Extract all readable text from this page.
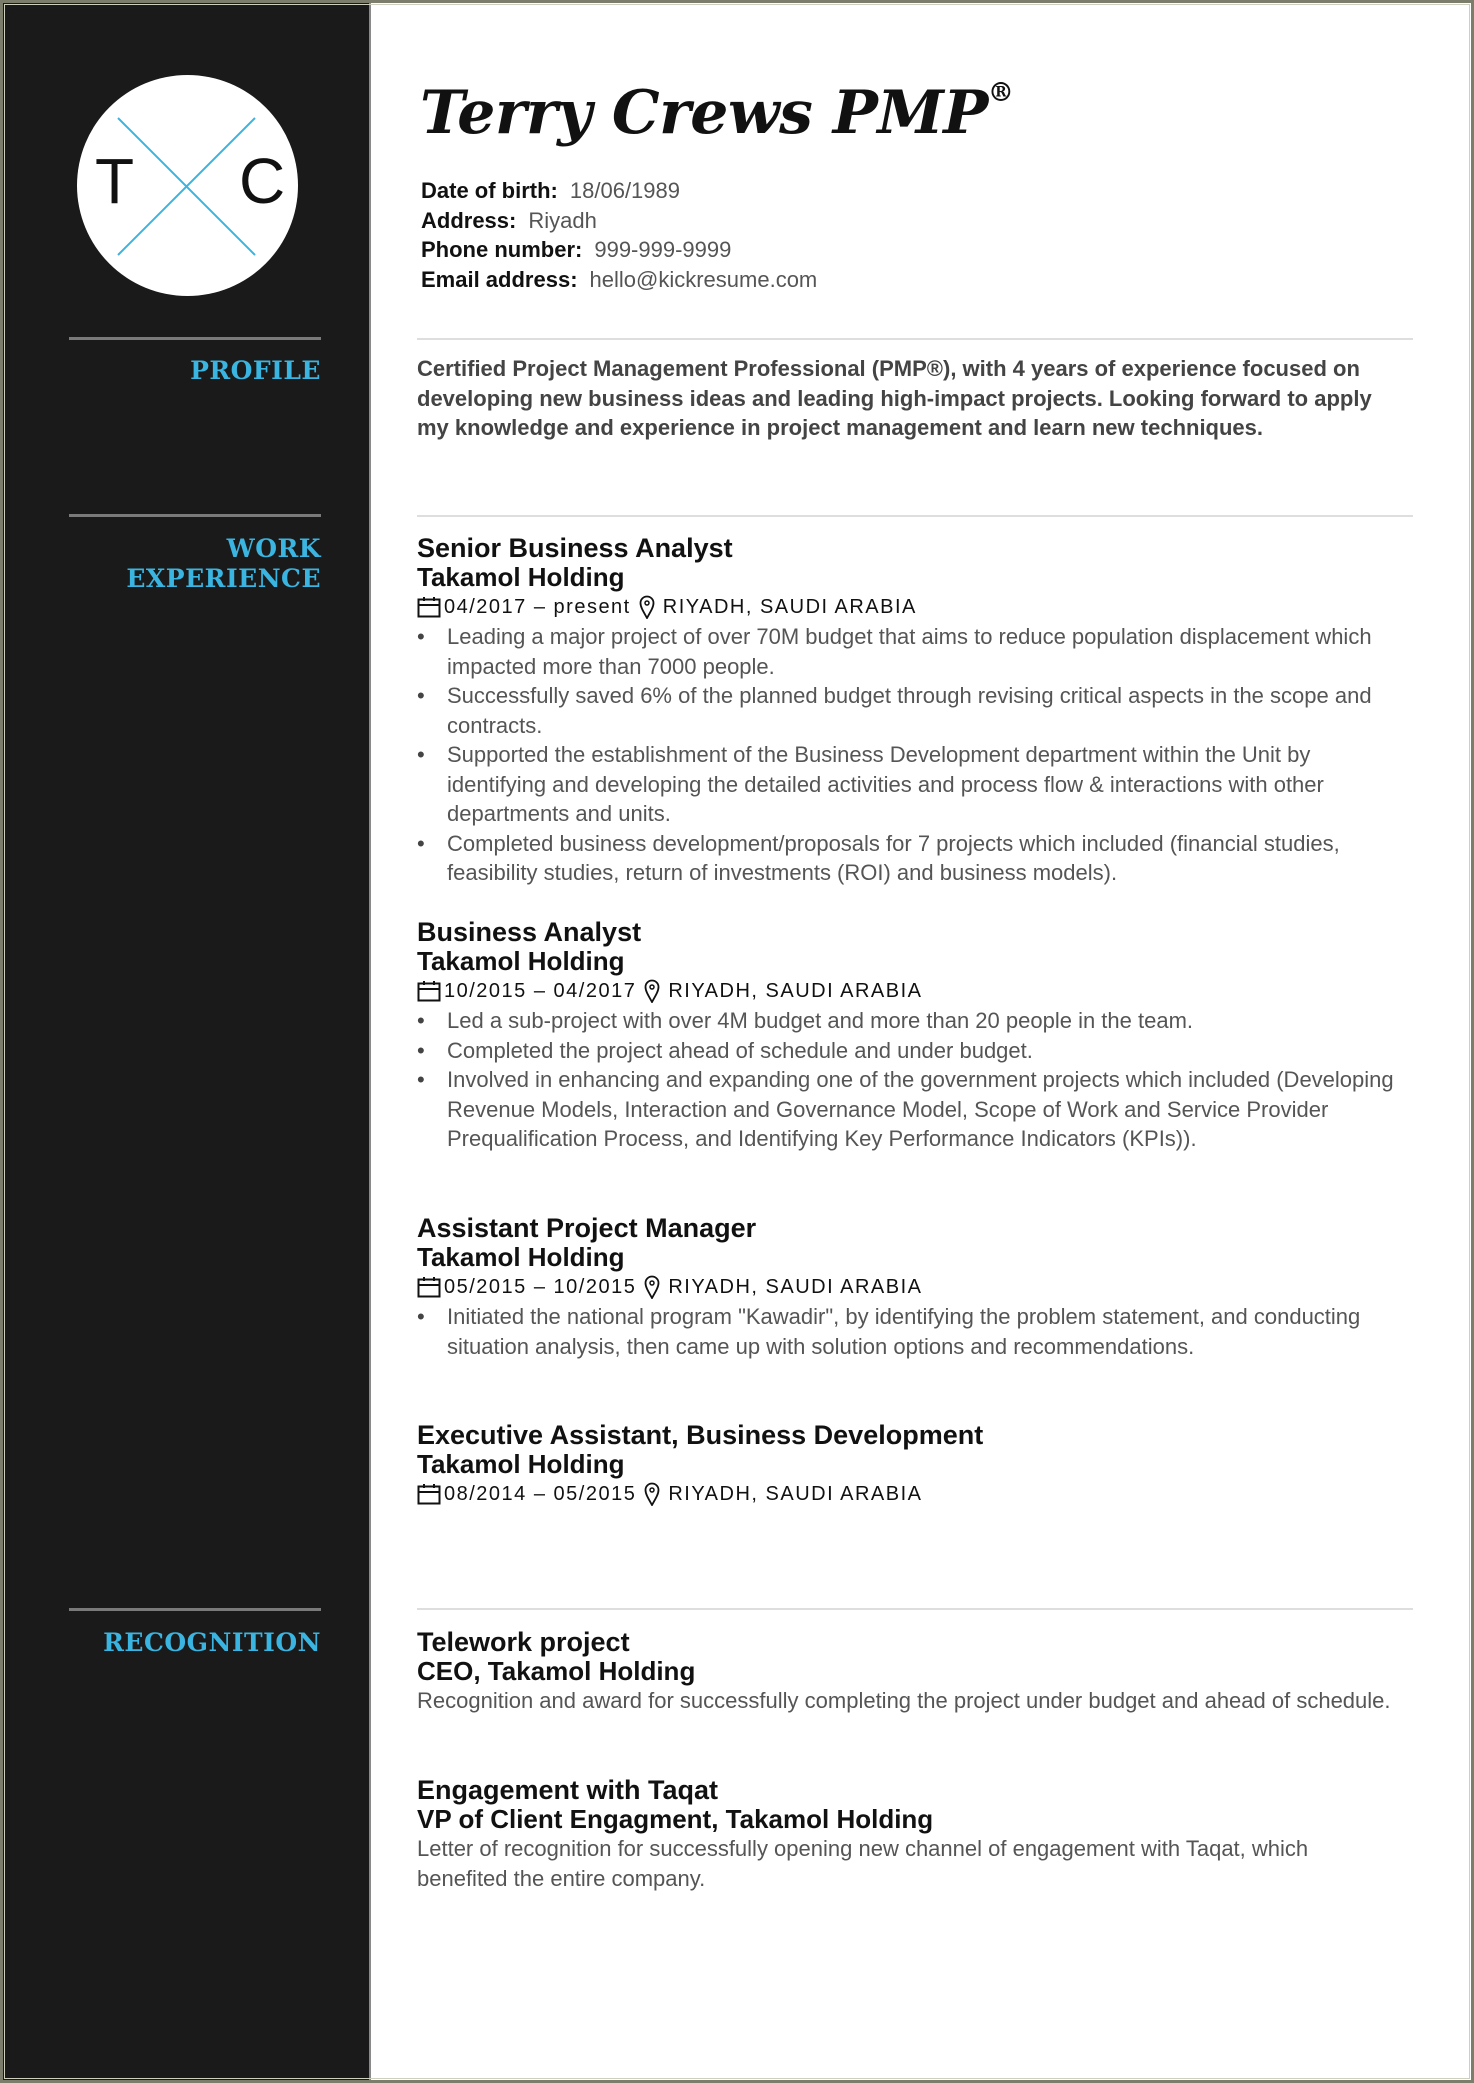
T C
PROFILE
WORK
EXPERIENCE
RECOGNITION
Terry Crews PMP®
Date of birth: 18/06/1989
Address: Riyadh
Phone number: 999-999-9999
Email address: hello@kickresume.com
Certified Project Management Professional (PMP®), with 4 years of experience focused on developing new business ideas and leading high-impact projects. Looking forward to apply my knowledge and experience in project management and learn new techniques.
Senior Business Analyst
Takamol Holding
04/2017 – present RIYADH, SAUDI ARABIA
• Leading a major project of over 70M budget that aims to reduce population displacement which impacted more than 7000 people.
• Successfully saved 6% of the planned budget through revising critical aspects in the scope and contracts.
• Supported the establishment of the Business Development department within the Unit by identifying and developing the detailed activities and process flow & interactions with other departments and units.
• Completed business development/proposals for 7 projects which included (financial studies, feasibility studies, return of investments (ROI) and business models).
Business Analyst
Takamol Holding
10/2015 – 04/2017 RIYADH, SAUDI ARABIA
• Led a sub-project with over 4M budget and more than 20 people in the team.
• Completed the project ahead of schedule and under budget.
• Involved in enhancing and expanding one of the government projects which included (Developing Revenue Models, Interaction and Governance Model, Scope of Work and Service Provider Prequalification Process, and Identifying Key Performance Indicators (KPIs)).
Assistant Project Manager
Takamol Holding
05/2015 – 10/2015 RIYADH, SAUDI ARABIA
• Initiated the national program "Kawadir", by identifying the problem statement, and conducting situation analysis, then came up with solution options and recommendations.
Executive Assistant, Business Development
Takamol Holding
08/2014 – 05/2015 RIYADH, SAUDI ARABIA
Telework project
CEO, Takamol Holding
Recognition and award for successfully completing the project under budget and ahead of schedule.
Engagement with Taqat
VP of Client Engagment, Takamol Holding
Letter of recognition for successfully opening new channel of engagement with Taqat, which benefited the entire company.
